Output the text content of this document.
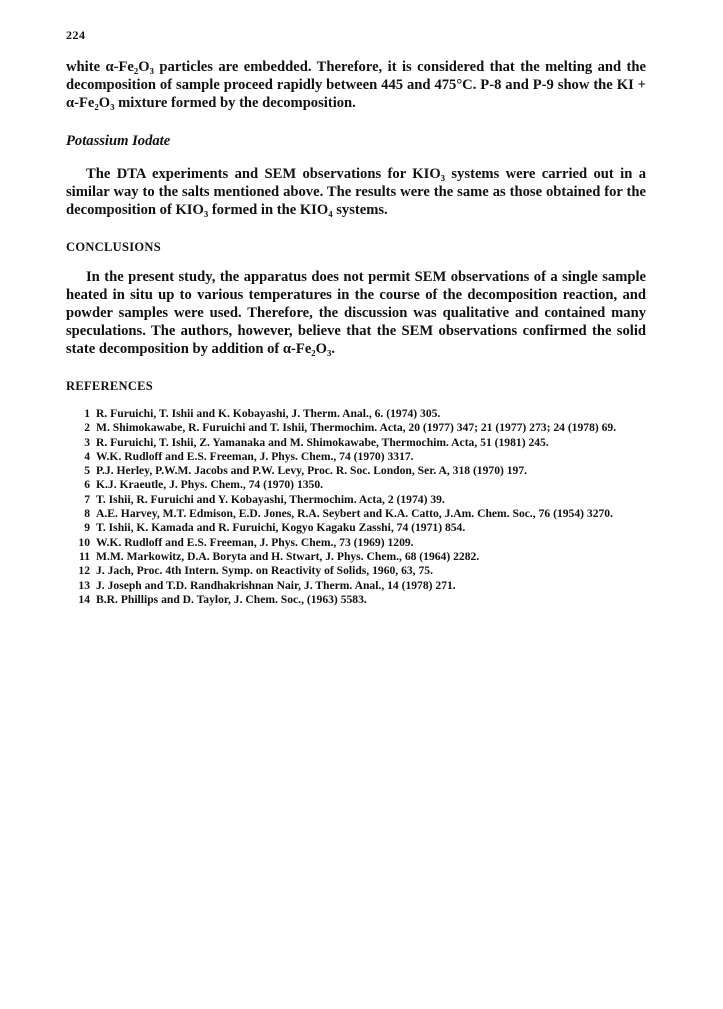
224

white α-Fe₂O₃ particles are embedded. Therefore, it is considered that the melting and the decomposition of sample proceed rapidly between 445 and 475°C. P-8 and P-9 show the KI + α-Fe₂O₃ mixture formed by the decomposition.

Potassium Iodate

The DTA experiments and SEM observations for KIO₃ systems were carried out in a similar way to the salts mentioned above. The results were the same as those obtained for the decomposition of KIO₃ formed in the KIO₄ systems.

CONCLUSIONS

In the present study, the apparatus does not permit SEM observations of a single sample heated in situ up to various temperatures in the course of the decomposition reaction, and powder samples were used. Therefore, the discussion was qualitative and contained many speculations. The authors, however, believe that the SEM observations confirmed the solid state decomposition by addition of α-Fe₂O₃.

REFERENCES
1 R. Furuichi, T. Ishii and K. Kobayashi, J. Therm. Anal., 6. (1974) 305.
2 M. Shimokawabe, R. Furuichi and T. Ishii, Thermochim. Acta, 20 (1977) 347; 21 (1977) 273; 24 (1978) 69.
3 R. Furuichi, T. Ishii, Z. Yamanaka and M. Shimokawabe, Thermochim. Acta, 51 (1981) 245.
4 W.K. Rudloff and E.S. Freeman, J. Phys. Chem., 74 (1970) 3317.
5 P.J. Herley, P.W.M. Jacobs and P.W. Levy, Proc. R. Soc. London, Ser. A, 318 (1970) 197.
6 K.J. Kraeutle, J. Phys. Chem., 74 (1970) 1350.
7 T. Ishii, R. Furuichi and Y. Kobayashi, Thermochim. Acta, 2 (1974) 39.
8 A.E. Harvey, M.T. Edmison, E.D. Jones, R.A. Seybert and K.A. Catto, J.Am. Chem. Soc., 76 (1954) 3270.
9 T. Ishii, K. Kamada and R. Furuichi, Kogyo Kagaku Zasshi, 74 (1971) 854.
10 W.K. Rudloff and E.S. Freeman, J. Phys. Chem., 73 (1969) 1209.
11 M.M. Markowitz, D.A. Boryta and H. Stwart, J. Phys. Chem., 68 (1964) 2282.
12 J. Jach, Proc. 4th Intern. Symp. on Reactivity of Solids, 1960, 63, 75.
13 J. Joseph and T.D. Randhakrishnan Nair, J. Therm. Anal., 14 (1978) 271.
14 B.R. Phillips and D. Taylor, J. Chem. Soc., (1963) 5583.
